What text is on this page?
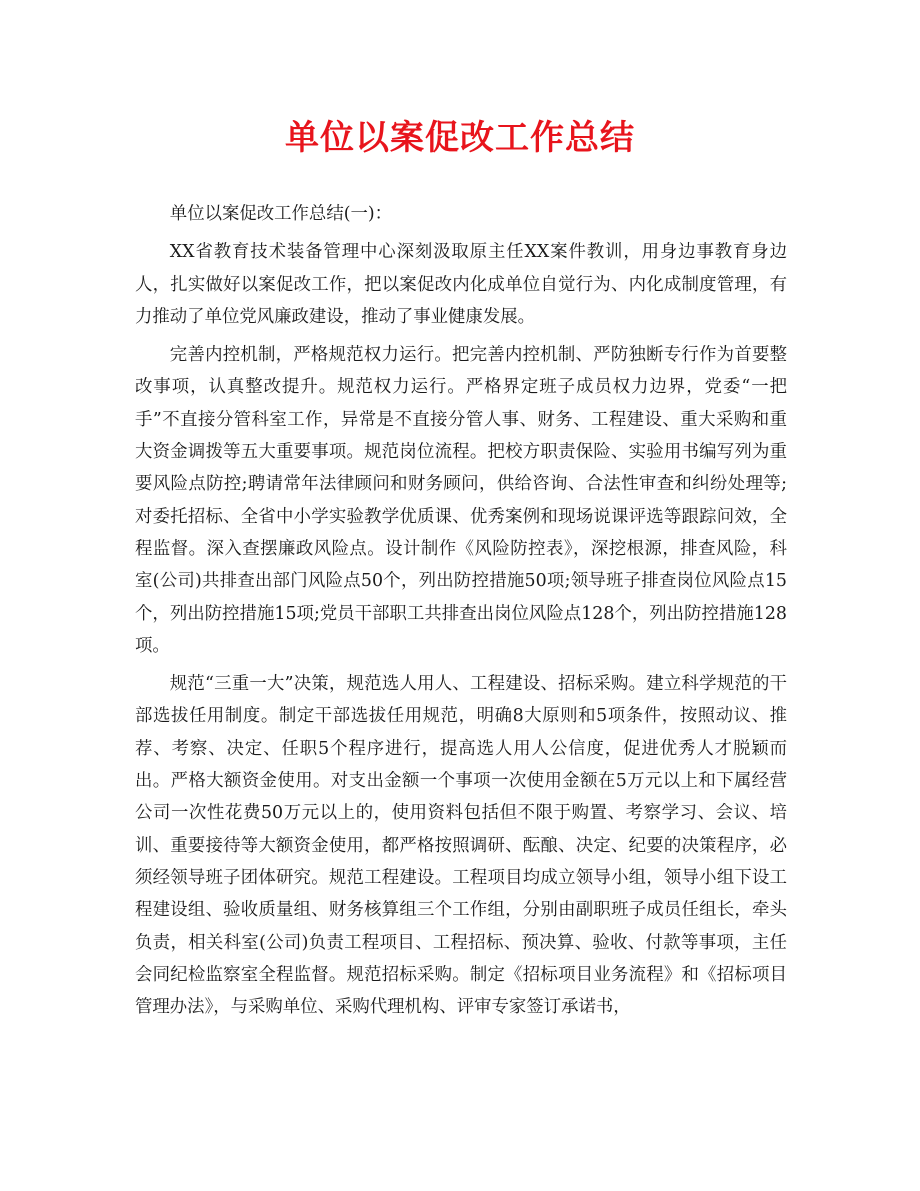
单位以案促改工作总结

单位以案促改工作总结(一)：

XX省教育技术装备管理中心深刻汲取原主任XX案件教训，用身边事教育身边人，扎实做好以案促改工作，把以案促改内化成单位自觉行为、内化成制度管理，有力推动了单位党风廉政建设，推动了事业健康发展。

完善内控机制，严格规范权力运行。把完善内控机制、严防独断专行作为首要整改事项，认真整改提升。规范权力运行。严格界定班子成员权力边界，党委“一把手”不直接分管科室工作，异常是不直接分管人事、财务、工程建设、重大采购和重大资金调拨等五大重要事项。规范岗位流程。把校方职责保险、实验用书编写列为重要风险点防控;聘请常年法律顾问和财务顾问，供给咨询、合法性审查和纠纷处理等;对委托招标、全省中小学实验教学优质课、优秀案例和现场说课评选等跟踪问效，全程监督。深入查摆廉政风险点。设计制作《风险防控表》，深挖根源，排查风险，科室(公司)共排查出部门风险点50个，列出防控措施50项;领导班子排查岗位风险点15个，列出防控措施15项;党员干部职工共排查出岗位风险点128个，列出防控措施128项。

规范“三重一大”决策，规范选人用人、工程建设、招标采购。建立科学规范的干部选拔任用制度。制定干部选拔任用规范，明确8大原则和5项条件，按照动议、推荐、考察、决定、任职5个程序进行，提高选人用人公信度，促进优秀人才脱颖而出。严格大额资金使用。对支出金额一个事项一次使用金额在5万元以上和下属经营公司一次性花费50万元以上的，使用资料包括但不限于购置、考察学习、会议、培训、重要接待等大额资金使用，都严格按照调研、酝酿、决定、纪要的决策程序，必须经领导班子团体研究。规范工程建设。工程项目均成立领导小组，领导小组下设工程建设组、验收质量组、财务核算组三个工作组，分别由副职班子成员任组长，牵头负责，相关科室(公司)负责工程项目、工程招标、预决算、验收、付款等事项，主任会同纪检监察室全程监督。规范招标采购。制定《招标项目业务流程》和《招标项目管理办法》，与采购单位、采购代理机构、评审专家签订承诺书，
